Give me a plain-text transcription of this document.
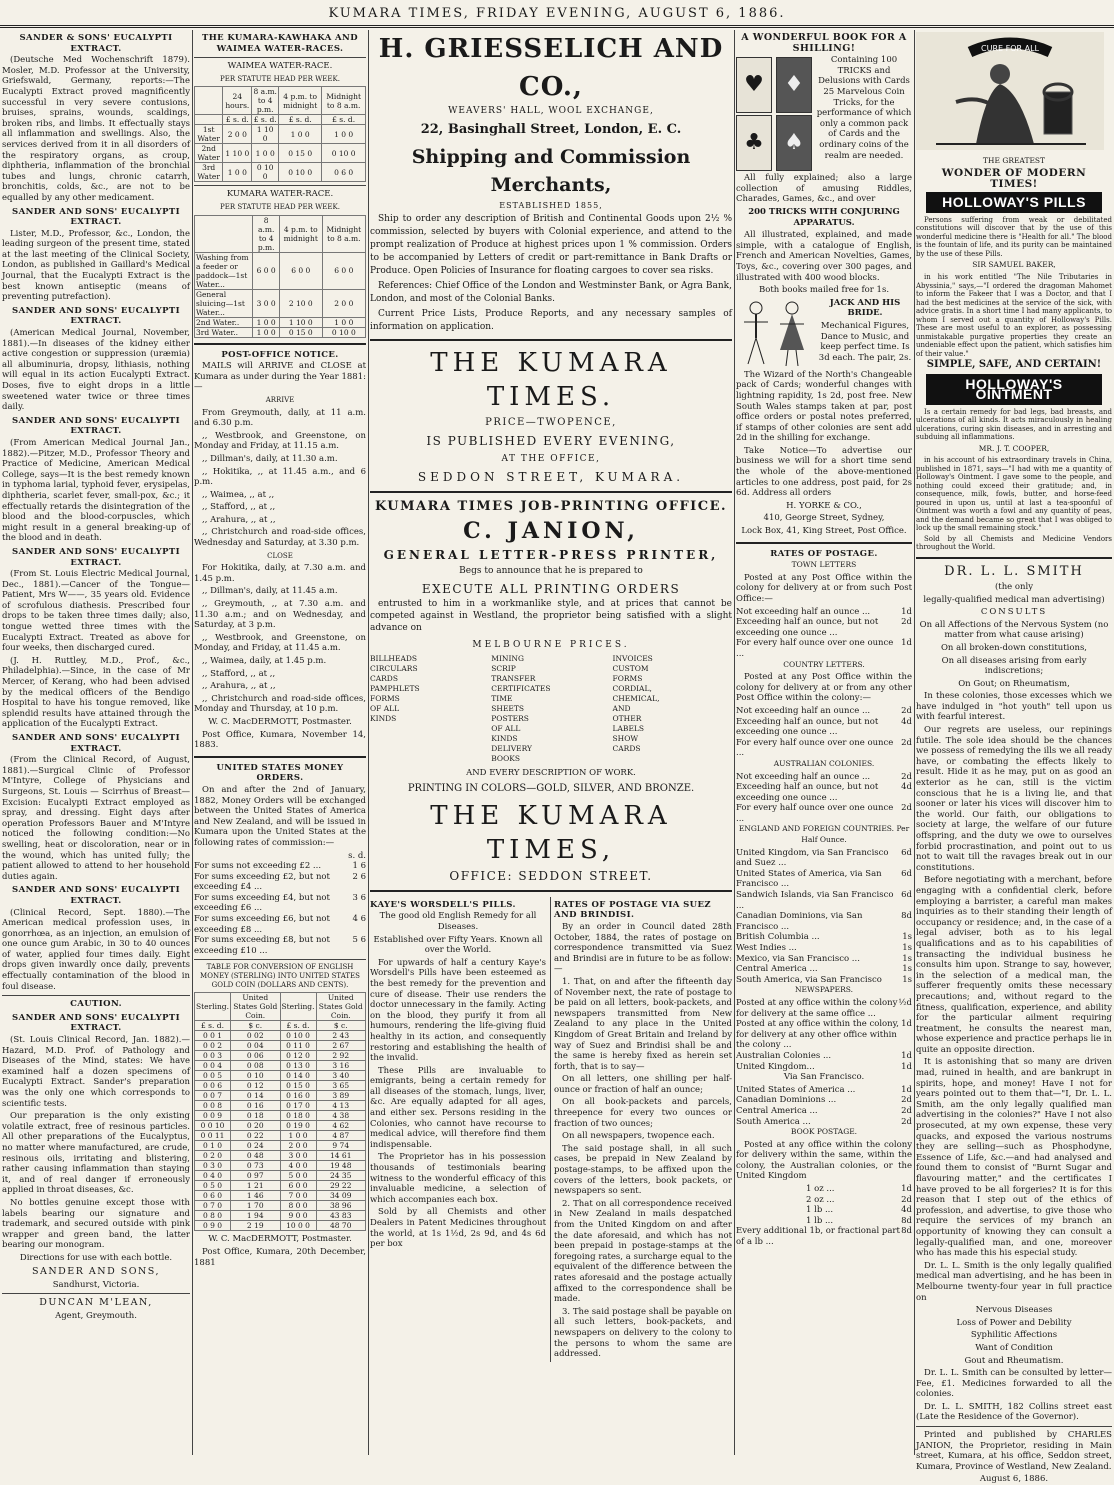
KUMARA TIMES, FRIDAY EVENING, AUGUST 6, 1886.
SANDER & SONS' EUCALYPTI EXTRACT.

(Deutsche Med Wochenschrift 1879). Mosler, M.D. Professor at the University, Griefswald, Germany, reports:—The Eucalypti Extract proved magnificently successful in very severe contusions, bruises, sprains, wounds, scaldings, broken ribs, and limbs. It effectually stays all inflammation and swellings. Also, the services derived from it in all disorders of the respiratory organs, as croup, diphtheria, inflammation of the bronchial tubes and lungs, chronic catarrh, bronchitis, colds, &c., are not to be equalled by any other medicament.

SANDER AND SONS' EUCALYPTI EXTRACT.

Lister, M.D., Professor, &c., London, the leading surgeon of the present time, stated at the last meeting of the Clinical Society, London, as published in Gaillard's Medical Journal, that the Eucalypti Extract is the best known antiseptic (means of preventing putrefaction).

SANDER AND SONS' EUCALYPTI EXTRACT.

(American Medical Journal, November, 1881).—In diseases of the kidney either active congestion or suppression (uræmia) all albuminuria, dropsy, lithiasis, nothing will equal in its action Eucalypti Extract. Doses, five to eight drops in a little sweetened water twice or three times daily.

SANDER AND SONS' EUCALYPTI EXTRACT.

(From American Medical Journal Jan., 1882).—Pitzer, M.D., Professor Theory and Practice of Medicine, American Medical College, says—It is the best remedy known in typhoma larial, typhoid fever, erysipelas, diphtheria, scarlet fever, small-pox, &c.; it effectually retards the disintegration of the blood and the blood-corpuscles, which might result in a general breaking-up of the blood and in death.

SANDER AND SONS' EUCALYPTI EXTRACT.

(From St. Louis Electric Medical Journal, Dec., 1881).—Cancer of the Tongue—Patient, Mrs W——, 35 years old. Evidence of scrofulous diathesis. Prescribed four drops to be taken three times daily; also, tongue wetted three times with the Eucalypti Extract. Treated as above for four weeks, then discharged cured.

(J. H. Ruttley, M.D., Prof., &c., Philadelphia).—Since, in the case of Mr Mercer, of Kerang, who had been advised by the medical officers of the Bendigo Hospital to have his tongue removed, like splendid results have attained through the application of the Eucalypti Extract.

SANDER AND SONS' EUCALYPTI EXTRACT.

(From the Clinical Record, of August, 1881).—Surgical Clinic of Professor M'Intyre, College of Physicians and Surgeons, St. Louis — Scirrhus of Breast—Excision: Eucalypti Extract employed as spray, and dressing. Eight days after operation Professors Bauer and M'Intyre noticed the following condition:—No swelling, heat or discoloration, near or in the wound, which has united fully; the patient allowed to attend to her household duties again.

SANDER AND SONS' EUCALYPTI EXTRACT.

(Clinical Record, Sept. 1880).—The American medical profession uses, in gonorrhœa, as an injection, an emulsion of one ounce gum Arabic, in 30 to 40 ounces of water, applied four times daily. Eight drops given inwardly once daily, prevents effectually contamination of the blood in foul disease.

CAUTION.
SANDER AND SONS' EUCALYPTI EXTRACT.

(St. Louis Clinical Record, Jan. 1882).—Hazard, M.D. Prof. of Pathology and Diseases of the Mind, states: We have examined half a dozen specimens of Eucalypti Extract. Sander's preparation was the only one which corresponds to scientific tests.

Our preparation is the only existing volatile extract, free of resinous particles. All other preparations of the Eucalyptus, no matter where manufactured, are crude, resinous oils, irritating and blistering, rather causing inflammation than staying it, and of real danger if erroneously applied in throat diseases, &c.

No bottles genuine except those with labels bearing our signature and trademark, and secured outside with pink wrapper and green band, the latter bearing our monogram.

Directions for use with each bottle.

SANDER AND SONS,

Sandhurst, Victoria.

DUNCAN M'LEAN,

Agent, Greymouth.

THE KUMARA-KAWHAKA AND WAIMEA WATER-RACES.

WAIMEA WATER-RACE.

PER STATUTE HEAD PER WEEK.

	24 hours.	8 a.m. to 4 p.m.	4 p.m. to midnight	Midnight to 8 a.m.
	£ s. d.	£ s. d.	£ s. d.	£ s. d.
1st Water	2 0 0	1 10 0	1 0 0	1 0 0
2nd Water	1 10 0	1 0 0	0 15 0	0 10 0
3rd Water	1 0 0	0 10 0	0 10 0	0 6 0

KUMARA WATER-RACE.

PER STATUTE HEAD PER WEEK.

	8 a.m. to 4 p.m.	4 p.m. to midnight	Midnight to 8 a.m.
Washing from a feeder or paddock—1st Water...	6 0 0	6 0 0	6 0 0
General sluicing—1st Water...	3 0 0	2 10 0	2 0 0
2nd Water..	1 0 0	1 10 0	1 0 0
3rd Water..	1 0 0	0 15 0	0 10 0
POST-OFFICE NOTICE.

MAILS will ARRIVE and CLOSE at Kumara as under during the Year 1881:—

ARRIVE

From Greymouth, daily, at 11 a.m. and 6.30 p.m.

,, Westbrook, and Greenstone, on Monday and Friday, at 11.15 a.m.

,, Dillman's, daily, at 11.30 a.m.

,, Hokitika, ,, at 11.45 a.m., and 6 p.m.

,, Waimea, ,, at ,,

,, Stafford, ,, at ,,

,, Arahura, ,, at ,,

,, Christchurch and road-side offices, Wednesday and Saturday, at 3.30 p.m.

CLOSE

For Hokitika, daily, at 7.30 a.m. and 1.45 p.m.

,, Dillman's, daily, at 11.45 a.m.

,, Greymouth, ,, at 7.30 a.m. and 11.30 a.m.; and on Wednesday, and Saturday, at 3 p.m.

,, Westbrook, and Greenstone, on Monday, and Friday, at 11.45 a.m.

,, Waimea, daily, at 1.45 p.m.

,, Stafford, ,, at ,,

,, Arahura, ,, at ,,

,, Christchurch and road-side offices, Monday and Thursday, at 10 p.m.

W. C. MacDERMOTT, Postmaster.

Post Office, Kumara, November 14, 1883.

UNITED STATES MONEY ORDERS.

On and after the 2nd of January, 1882, Money Orders will be exchanged between the United States of America and New Zealand, and will be issued in Kumara upon the United States at the following rates of commission:—

s. d.
For sums not exceeding £2 ...	1 6
For sums exceeding £2, but not exceeding £4 ...
2 6
For sums exceeding £4, but not exceeding £6 ...
3 6
For sums exceeding £6, but not exceeding £8 ...
4 6
For sums exceeding £8, but not exceeding £10 ...
5 6

TABLE FOR CONVERSION OF ENGLISH MONEY (STERLING) INTO UNITED STATES GOLD COIN (DOLLARS AND CENTS).

Sterling.	United States Gold Coin.	Sterling.	United States Gold Coin.
£ s. d.	$ c.	£ s. d.	$ c.
0 0 1	0 02	0 10 0	2 43
0 0 2	0 04	0 11 0	2 67
0 0 3	0 06	0 12 0	2 92
0 0 4	0 08	0 13 0	3 16
0 0 5	0 10	0 14 0	3 40
0 0 6	0 12	0 15 0	3 65
0 0 7	0 14	0 16 0	3 89
0 0 8	0 16	0 17 0	4 13
0 0 9	0 18	0 18 0	4 38
0 0 10	0 20	0 19 0	4 62
0 0 11	0 22	1 0 0	4 87
0 1 0	0 24	2 0 0	9 74
0 2 0	0 48	3 0 0	14 61
0 3 0	0 73	4 0 0	19 48
0 4 0	0 97	5 0 0	24 35
0 5 0	1 21	6 0 0	29 22
0 6 0	1 46	7 0 0	34 09
0 7 0	1 70	8 0 0	38 96
0 8 0	1 94	9 0 0	43 83
0 9 0	2 19	10 0 0	48 70

W. C. MacDERMOTT, Postmaster.

Post Office, Kumara, 20th December, 1881

H. GRIESSELICH AND CO.,

WEAVERS' HALL, WOOL EXCHANGE,

22, Basinghall Street, London, E. C.

Shipping and Commission Merchants,

ESTABLISHED 1855,

Ship to order any description of British and Continental Goods upon 2½ % commission, selected by buyers with Colonial experience, and attend to the prompt realization of Produce at highest prices upon 1 % commission. Orders to be accompanied by Letters of credit or part-remittance in Bank Drafts or Produce. Open Policies of Insurance for floating cargoes to cover sea risks.

References: Chief Office of the London and Westminster Bank, or Agra Bank, London, and most of the Colonial Banks.

Current Price Lists, Produce Reports, and any necessary samples of information on application.

THE KUMARA TIMES.
PRICE—TWOPENCE,
IS PUBLISHED EVERY EVENING,
AT THE OFFICE,
SEDDON STREET, KUMARA.
KUMARA TIMES JOB-PRINTING OFFICE.
C. JANION,
GENERAL LETTER-PRESS PRINTER,

Begs to announce that he is prepared to

EXECUTE ALL PRINTING ORDERS

entrusted to him in a workmanlike style, and at prices that cannot be competed against in Westland, the proprietor being satisfied with a slight advance on

MELBOURNE PRICES.
BILLHEADS
CIRCULARS
CARDS
PAMPHLETS
FORMS OF ALL KINDS
MINING SCRIP
TRANSFER CERTIFICATES
TIME SHEETS
POSTERS OF ALL KINDS
DELIVERY BOOKS
INVOICES
CUSTOM FORMS
CORDIAL, CHEMICAL,
AND OTHER LABELS
SHOW CARDS

AND EVERY DESCRIPTION OF WORK.

PRINTING IN COLORS—GOLD, SILVER, AND BRONZE.

THE KUMARA TIMES,
OFFICE: SEDDON STREET.
KAYE'S WORSDELL'S PILLS.

The good old English Remedy for all Diseases.

Established over Fifty Years. Known all over the World.

For upwards of half a century Kaye's Worsdell's Pills have been esteemed as the best remedy for the prevention and cure of disease. Their use renders the doctor unnecessary in the family. Acting on the blood, they purify it from all humours, rendering the life-giving fluid healthy in its action, and consequently restoring and establishing the health of the invalid.

These Pills are invaluable to emigrants, being a certain remedy for all diseases of the stomach, lungs, liver, &c. Are equally adapted for all ages, and either sex. Persons residing in the Colonies, who cannot have recourse to medical advice, will therefore find them indispensable.

The Proprietor has in his possession thousands of testimonials bearing witness to the wonderful efficacy of this invaluable medicine, a selection of which accompanies each box.

Sold by all Chemists and other Dealers in Patent Medicines throughout the world, at 1s 1½d, 2s 9d, and 4s 6d per box

RATES OF POSTAGE VIA SUEZ AND BRINDISI.

By an order in Council dated 28th October, 1884, the rates of postage on correspondence transmitted via Suez and Brindisi are in future to be as follow:—

1. That, on and after the fifteenth day of November next, the rate of postage to be paid on all letters, book-packets, and newspapers transmitted from New Zealand to any place in the United Kingdom of Great Britain and Ireland by way of Suez and Brindisi shall be and the same is hereby fixed as herein set forth, that is to say—

On all letters, one shilling per half-ounce or fraction of half an ounce;

On all book-packets and parcels, threepence for every two ounces or fraction of two ounces;

On all newspapers, twopence each.

The said postage shall, in all such cases, be prepaid in New Zealand by postage-stamps, to be affixed upon the covers of the letters, book packets, or newspapers so sent.

2. That on all correspondence received in New Zealand in mails despatched from the United Kingdom on and after the date aforesaid, and which has not been prepaid in postage-stamps at the foregoing rates, a surcharge equal to the equivalent of the difference between the rates aforesaid and the postage actually affixed to the correspondence shall be made.

3. The said postage shall be payable on all such letters, book-packets, and newspapers on delivery to the colony to the persons to whom the same are addressed.

A WONDERFUL BOOK FOR A SHILLING!
♥ ♦
♣ ♠

Containing 100 TRICKS and Delusions with Cards 25 Marvelous Coin Tricks, for the performance of which only a common pack of Cards and the ordinary coins of the realm are needed.

All fully explained; also a large collection of amusing Riddles, Charades, Games, &c., and over

200 TRICKS WITH CONJURING APPARATUS.

All illustrated, explained, and made simple, with a catalogue of English, French and American Novelties, Games, Toys, &c., covering over 300 pages, and illustrated with 400 wood blocks.

Both books mailed free for 1s.

JACK AND HIS BRIDE.

Mechanical Figures, Dance to Music, and keep perfect time. Is 3d each. The pair, 2s.

The Wizard of the North's Changeable pack of Cards; wonderful changes with lightning rapidity, 1s 2d, post free. New South Wales stamps taken at par, post office orders or postal notes preferred, if stamps of other colonies are sent add 2d in the shilling for exchange.

Take Notice—To advertise our business we will for a short time send the whole of the above-mentioned articles to one address, post paid, for 2s 6d. Address all orders

H. YORKE & CO.,

410, George Street, Sydney,

Lock Box, 41, King Street, Post Office.

RATES OF POSTAGE.

TOWN LETTERS

Posted at any Post Office within the colony for delivery at or from such Post Office:—

Not exceeding half an ounce ...	1d
Exceeding half an ounce, but not exceeding one ounce ...
2d
For every half ounce over one ounce ...
1d

COUNTRY LETTERS.

Posted at any Post Office within the colony for delivery at or from any other Post Office within the colony:—

Not exceeding half an ounce ...	2d
Exceeding half an ounce, but not exceeding one ounce ...
4d
For every half ounce over one ounce ...
2d

AUSTRALIAN COLONIES.

Not exceeding half an ounce ...	2d
Exceeding half an ounce, but not exceeding one ounce ...
4d
For every half ounce over one ounce ...
2d

ENGLAND AND FOREIGN COUNTRIES. Per Half Ounce.

United Kingdom, via San Francisco and Suez ...
6d
United States of America, via San Francisco ...
6d
Sandwich Islands, via San Francisco ...
6d
Canadian Dominions, via San Francisco ...
8d
British Columbia ...	1s
West Indies ...	1s
Mexico, via San Francisco ...	1s
Central America ...	1s
South America, via San Francisco	1s

NEWSPAPERS.

Posted at any office within the colony for delivery at the same office ...
½d
Posted at any office within the colony, for delivery at any other office within the colony ...
1d
Australian Colonies ...	1d
United Kingdom...	1d

Via San Francisco.

United States of America ...	1d
Canadian Dominions ...	2d
Central America ...	2d
South America ...	2d

BOOK POSTAGE.

Posted at any office within the colony for delivery within the same, within the colony, the Australian colonies, or the United Kingdom

1 oz ...	1d
2 oz ...	2d
1 lb ...	4d
1 lb ...	8d
Every additional 1b, or fractional part of a lb ...
8d
CURE FOR ALL

THE GREATEST

WONDER OF MODERN TIMES!

HOLLOWAY'S PILLS

Persons suffering from weak or debilitated constitutions will discover that by the use of this wonderful medicine there is "Health for all." The blood is the fountain of life, and its purity can be maintained by the use of these Pills.

SIR SAMUEL BAKER,

in his work entitled "The Nile Tributaries in Abyssinia," says,—"I ordered the dragoman Mahomet to inform the Fakeer that I was a Doctor, and that I had the best medicines at the service of the sick, with advice gratis. In a short time I had many applicants, to whom I served out a quantity of Holloway's Pills. These are most useful to an explorer, as possessing unmistakable purgative properties they create an undeniable effect upon the patient, which satisfies him of their value."

SIMPLE, SAFE, AND CERTAIN!

HOLLOWAY'S OINTMENT

Is a certain remedy for bad legs, bad breasts, and ulcerations of all kinds. It acts miraculously in healing ulcerations, curing skin diseases, and in arresting and subduing all inflammations.

MR. J. T. COOPER,

in his account of his extraordinary travels in China, published in 1871, says—"I had with me a quantity of Holloway's Ointment. I gave some to the people, and nothing could exceed their gratitude; and, in consequence, milk, fowls, butter, and horse-feed poured in upon us, until at last a tea-spoonful of Ointment was worth a fowl and any quantity of peas, and the demand became so great that I was obliged to lock up the small remaining stock."

Sold by all Chemists and Medicine Vendors throughout the World.

DR. L. L. SMITH

(the only

legally-qualified medical man advertising)

CONSULTS

On all Affections of the Nervous System (no matter from what cause arising)

On all broken-down constitutions,

On all diseases arising from early indiscretions;

On Gout; on Rheumatism,

In these colonies, those excesses which we have indulged in "hot youth" tell upon us with fearful interest.

Our regrets are useless, our repinings futile. The sole idea should be the chances we possess of remedying the ills we all ready have, or combating the effects likely to result. Hide it as he may, put on as good an exterior as he can, still is the victim conscious that he is a living lie, and that sooner or later his vices will discover him to the world. Our faith, our obligations to society at large, the welfare of our future offspring, and the duty we owe to ourselves forbid procrastination, and point out to us not to wait till the ravages break out in our constitutions.

Before negotiating with a merchant, before engaging with a confidential clerk, before employing a barrister, a careful man makes inquiries as to their standing their length of occupancy or residence; and, in the case of a legal adviser, both as to his legal qualifications and as to his capabilities of transacting the individual business he consults him upon. Strange to say, however, in the selection of a medical man, the sufferer frequently omits these necessary precautions; and, without regard to the fitness, qualification, experience, and ability for the particular ailment requiring treatment, he consults the nearest man, whose experience and practice perhaps lie in quite an opposite direction.

It is astonishing that so many are driven mad, ruined in health, and are bankrupt in spirits, hope, and money! Have I not for years pointed out to them that—"I, Dr. L. L. Smith, am the only legally qualified man advertising in the colonies?" Have I not also prosecuted, at my own expense, these very quacks, and exposed the various nostrums they are selling—such as Phosphodyne, Essence of Life, &c.—and had analysed and found them to consist of "Burnt Sugar and flavouring matter," and the certificates I have proved to be all forgeries? It is for this reason that I step out of the ethics of profession, and advertise, to give those who require the services of my branch an opportunity of knowing they can consult a legally-qualified man, and one, moreover who has made this his especial study.

Dr. L. L. Smith is the only legally qualified medical man advertising, and he has been in Melbourne twenty-four year in full practice on

Nervous Diseases

Loss of Power and Debility

Syphilitic Affections

Want of Condition

Gout and Rheumatism.

Dr. L. L. Smith can be consulted by letter—Fee, £1. Medicines forwarded to all the colonies.

Dr. L. L. SMITH, 182 Collins street east (Late the Residence of the Governor).

Printed and published by CHARLES JANION, the Proprietor, residing in Main street, Kumara, at his office, Seddon street, Kumara, Province of Westland, New Zealand.

August 6, 1886.
